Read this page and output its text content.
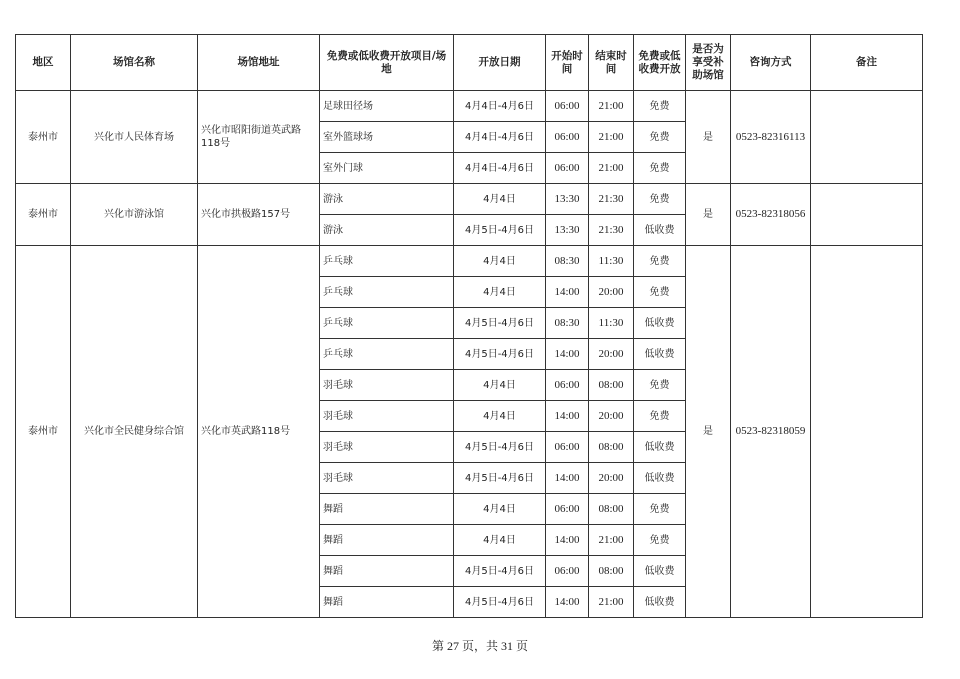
地区	场馆名称	场馆地址	免费或低收费开放项目/场地	开放日期	开始时间	结束时间	免费或低收费开放	是否为享受补助场馆	咨询方式	备注
泰州市	兴化市人民体育场	兴化市昭阳街道英武路118号	足球田径场	4月4日-4月6日	06:00	21:00	免费	是	0523-82316113	
			室外篮球场	4月4日-4月6日	06:00	21:00	免费			
			室外门球	4月4日-4月6日	06:00	21:00	免费			
泰州市	兴化市游泳馆	兴化市拱极路157号	游泳	4月4日	13:30	21:30	免费	是	0523-82318056	
			游泳	4月5日-4月6日	13:30	21:30	低收费			
泰州市	兴化市全民健身综合馆	兴化市英武路118号	乒乓球	4月4日	08:30	11:30	免费	是	0523-82318059	
			乒乓球	4月4日	14:00	20:00	免费			
			乒乓球	4月5日-4月6日	08:30	11:30	低收费			
			乒乓球	4月5日-4月6日	14:00	20:00	低收费			
			羽毛球	4月4日	06:00	08:00	免费			
			羽毛球	4月4日	14:00	20:00	免费			
			羽毛球	4月5日-4月6日	06:00	08:00	低收费			
			羽毛球	4月5日-4月6日	14:00	20:00	低收费			
			舞蹈	4月4日	06:00	08:00	免费			
			舞蹈	4月4日	14:00	21:00	免费			
			舞蹈	4月5日-4月6日	06:00	08:00	低收费			
			舞蹈	4月5日-4月6日	14:00	21:00	低收费			
第 27 页，共 31 页
